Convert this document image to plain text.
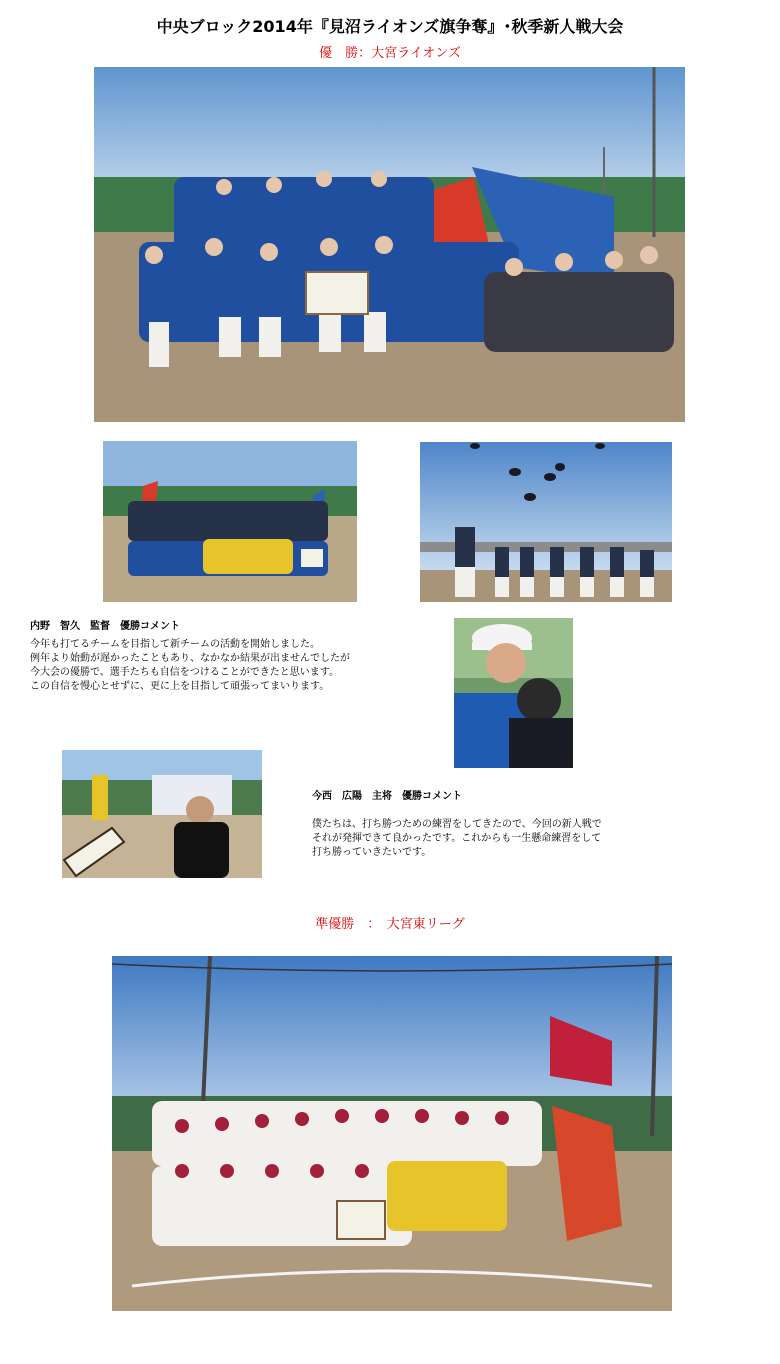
中央ブロック2014年『見沼ライオンズ旗争奪』･秋季新人戦大会
優　勝：大宮ライオンズ
内野　智久　監督　優勝コメント
今年も打てるチームを目指して新チームの活動を開始しました。
例年より始動が遅かったこともあり、なかなか結果が出ませんでしたが
今大会の優勝で、選手たちも自信をつけることができたと思います。
この自信を慢心とせずに、更に上を目指して頑張ってまいります。
今西　広陽　主将　優勝コメント
僕たちは、打ち勝つための練習をしてきたので、今回の新人戦で
それが発揮できて良かったです。これからも一生懸命練習をして
打ち勝っていきたいです。
準優勝　：　大宮東リーグ
